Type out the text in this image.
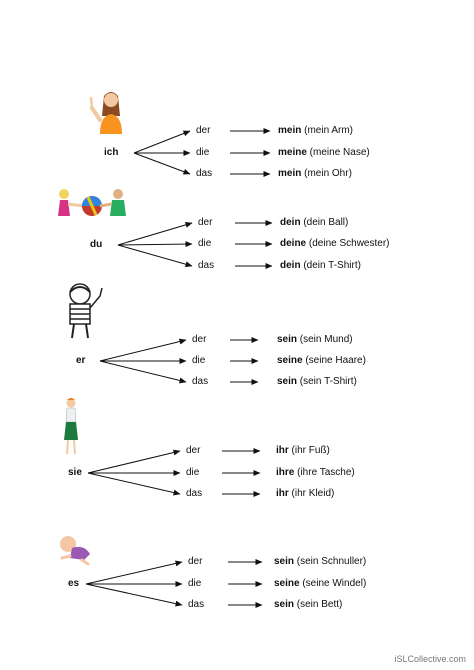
ich
der	mein (mein Arm)
die	meine (meine Nase)
das	mein (mein Ohr)
du
der	dein (dein Ball)
die	deine (deine Schwester)
das	dein (dein T-Shirt)
er
der	sein (sein Mund)
die	seine (seine Haare)
das	sein (sein T-Shirt)
sie
der	ihr (ihr Fuß)
die	ihre (ihre Tasche)
das	ihr (ihr Kleid)
es
der	sein (sein Schnuller)
die	seine (seine Windel)
das	sein (sein Bett)
iSLCollective.com
